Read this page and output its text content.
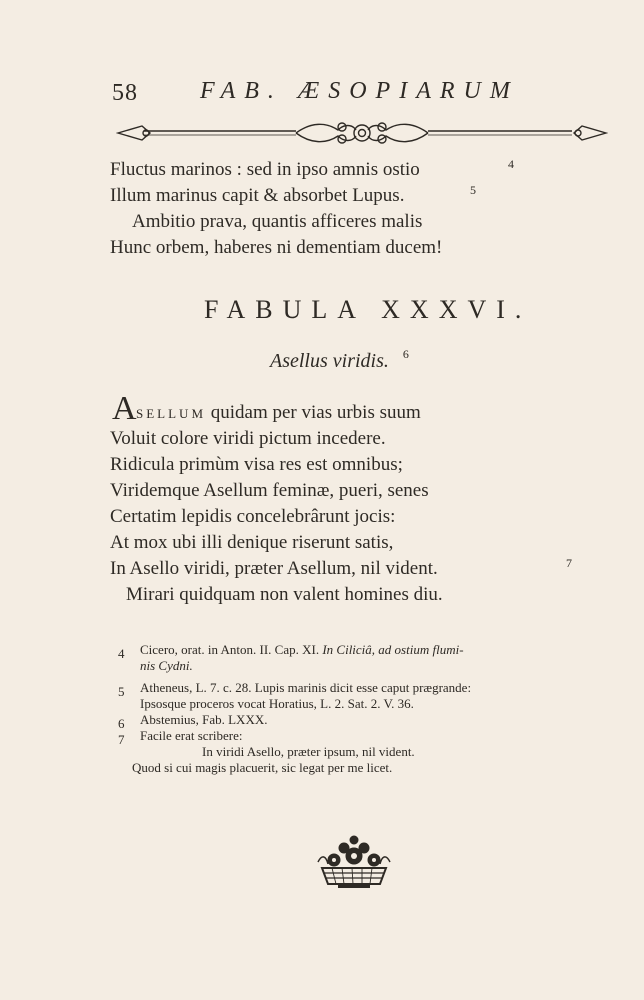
58	FAB. ÆSOPIARUM
Fluctus marinos : sed in ipso amnis ostio	4
Illum marinus capit & absorbet Lupus.	5
Ambitio prava, quantis afficeres malis
Hunc orbem, haberes ni dementiam ducem!
FABULA XXXVI.
Asellus viridis. $^6$
A SELLUM quidam per vias urbis suum
Voluit colore viridi pictum incedere.
Ridicula primùm visa res est omnibus;
Viridemque Asellum feminæ, pueri, senes
Certatim lepidis concelebrârunt jocis:
At mox ubi illi denique riserunt satis,
In Asello viridi, præter Asellum, nil vident.	7
Mirari quidquam non valent homines diu.
4 Cicero, orat. in Anton. II. Cap. XI. In Ciliciâ, ad ostium flumi-
nis Cydni.
5 Atheneus, L. 7. c. 28. Lupis marinis dicit esse caput prægrande:
Ipsosque proceros vocat Horatius, L. 2. Sat. 2. V. 36.
6 Abstemius, Fab. LXXX.
7 Facile erat scribere:
In viridi Asello, præter ipsum, nil vident.
Quod si cui magis placuerit, sic legat per me licet.
